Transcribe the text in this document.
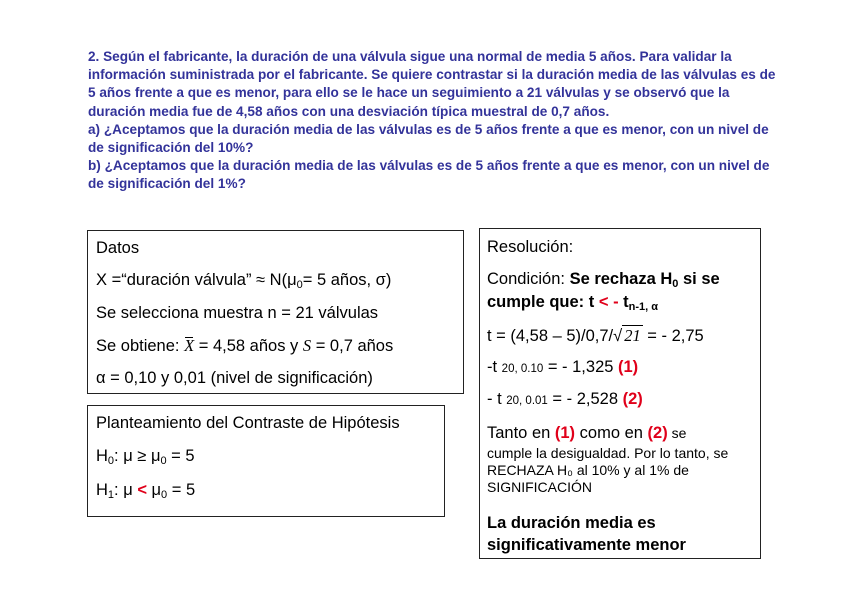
2. Según el fabricante, la duración de una válvula sigue una normal de media 5 años. Para validar la información suministrada por el fabricante. Se quiere contrastar si la duración media de las válvulas es de 5 años frente a que es menor, para ello se le hace un seguimiento a 21 válvulas y se observó que la duración media fue de 4,58 años con una desviación típica muestral de 0,7 años.

a) ¿Aceptamos que la duración media de las válvulas es de 5 años frente a que es menor, con un nivel de de significación del 10%?

b) ¿Aceptamos que la duración media de las válvulas es de 5 años frente a que es menor, con un nivel de de significación del 1%?

Datos
X =“duración válvula” ≈ $N(\mu_0= 5$ años, σ)
Se selecciona muestra n = 21 válvulas
Se obtiene: X = 4,58 años y S = 0,7 años
α = 0,10 y 0,01 (nivel de significación)
Planteamiento del Contraste de Hipótesis
$H_0$: $\mu \ge \mu_0 = 5$
$H_1$: $\mu < \mu_0 = 5$
Resolución:
Condición: Se rechaza $H_0$ si se
cumple que: t < - $t_{n-1, \alpha}$
t = (4,58 – 5)/0,7/√ 21 = - 2,75
-t 20, 0.10 = - 1,325 (1)
- t 20, 0.01 = - 2,528 (2)
Tanto en (1) como en (2) se
cumple la desigualdad. Por lo tanto, se RECHAZA H₀ al 10% y al 1% de SIGNIFICACIÓN
La duración media es significativamente menor
